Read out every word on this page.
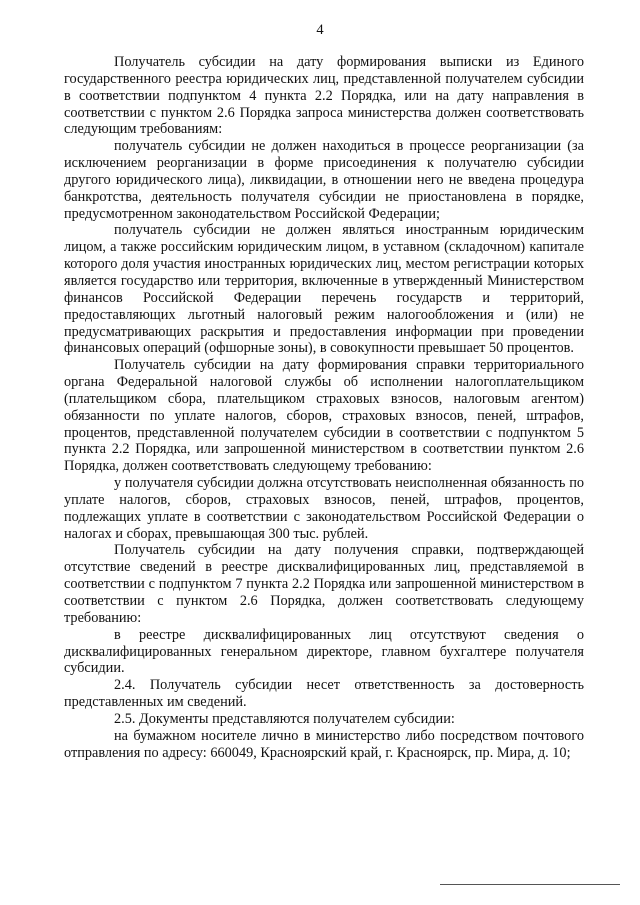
4

Получатель субсидии на дату формирования выписки из Единого государственного реестра юридических лиц, представленной получателем субсидии в соответствии подпунктом 4 пункта 2.2 Порядка, или на дату направления в соответствии с пунктом 2.6 Порядка запроса министерства должен соответствовать следующим требованиям:

получатель субсидии не должен находиться в процессе реорганизации (за исключением реорганизации в форме присоединения к получателю субсидии другого юридического лица), ликвидации, в отношении него не введена процедура банкротства, деятельность получателя субсидии не приостановлена в порядке, предусмотренном законодательством Российской Федерации;

получатель субсидии не должен являться иностранным юридическим лицом, а также российским юридическим лицом, в уставном (складочном) капитале которого доля участия иностранных юридических лиц, местом регистрации которых является государство или территория, включенные в утвержденный Министерством финансов Российской Федерации перечень государств и территорий, предоставляющих льготный налоговый режим налогообложения и (или) не предусматривающих раскрытия и предоставления информации при проведении финансовых операций (офшорные зоны), в совокупности превышает 50 процентов.

Получатель субсидии на дату формирования справки территориального органа Федеральной налоговой службы об исполнении налогоплательщиком (плательщиком сбора, плательщиком страховых взносов, налоговым агентом) обязанности по уплате налогов, сборов, страховых взносов, пеней, штрафов, процентов, представленной получателем субсидии в соответствии с подпунктом 5 пункта 2.2 Порядка, или запрошенной министерством в соответствии пунктом 2.6 Порядка, должен соответствовать следующему требованию:

у получателя субсидии должна отсутствовать неисполненная обязанность по уплате налогов, сборов, страховых взносов, пеней, штрафов, процентов, подлежащих уплате в соответствии с законодательством Российской Федерации о налогах и сборах, превышающая 300 тыс. рублей.

Получатель субсидии на дату получения справки, подтверждающей отсутствие сведений в реестре дисквалифицированных лиц, представляемой в соответствии с подпунктом 7 пункта 2.2 Порядка или запрошенной министерством в соответствии с пунктом 2.6 Порядка, должен соответствовать следующему требованию:

в реестре дисквалифицированных лиц отсутствуют сведения о дисквалифицированных генеральном директоре, главном бухгалтере получателя субсидии.

2.4. Получатель субсидии несет ответственность за достоверность представленных им сведений.

2.5. Документы представляются получателем субсидии:

на бумажном носителе лично в министерство либо посредством почтового отправления по адресу: 660049, Красноярский край, г. Красноярск, пр. Мира, д. 10;
